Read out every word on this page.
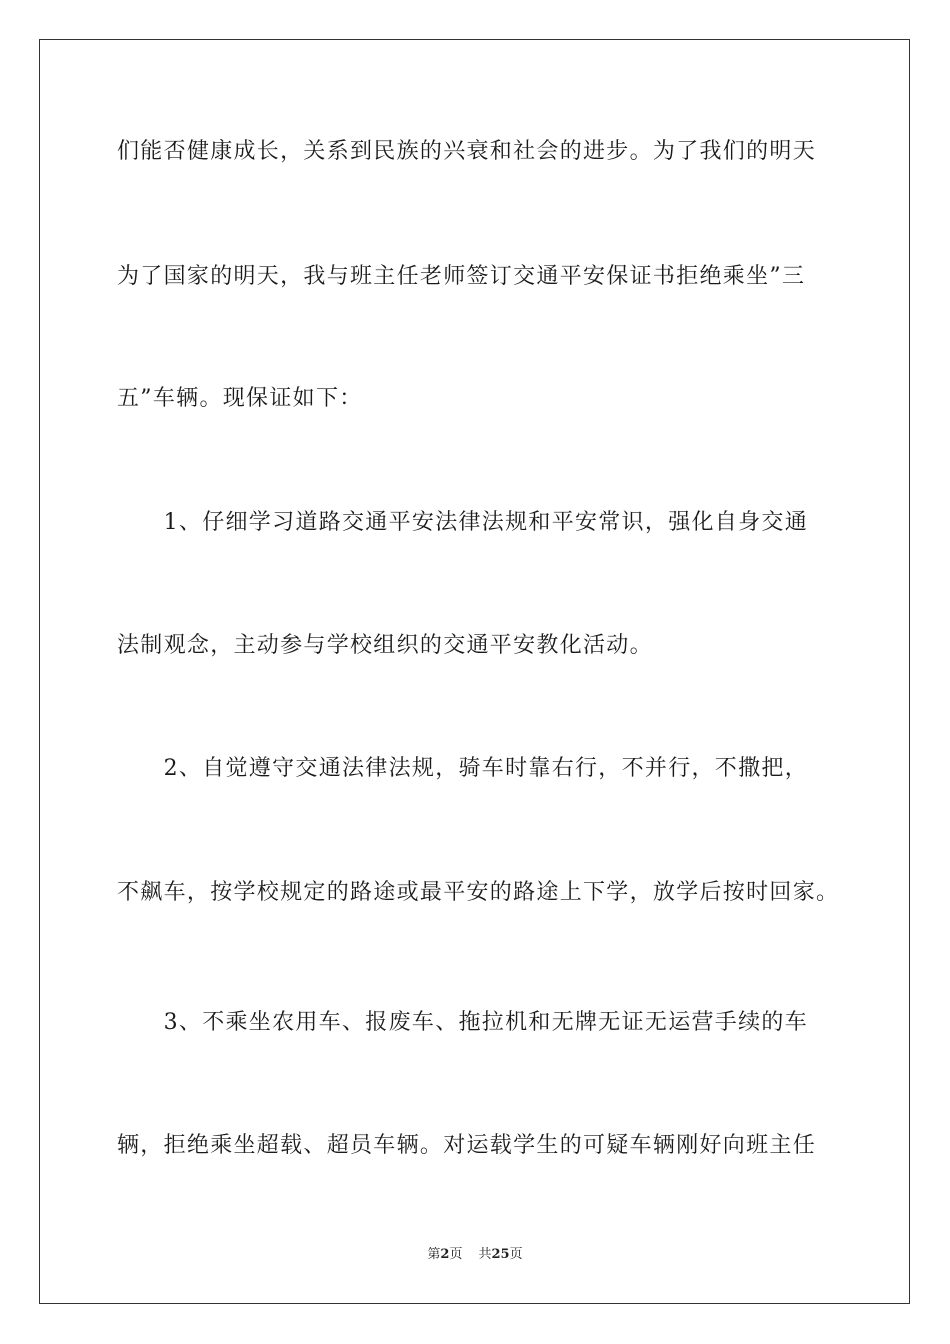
们能否健康成长，关系到民族的兴衰和社会的进步。为了我们的明天
为了国家的明天，我与班主任老师签订交通平安保证书拒绝乘坐”三
五”车辆。现保证如下：
　　1、仔细学习道路交通平安法律法规和平安常识，强化自身交通
法制观念，主动参与学校组织的交通平安教化活动。
　　2、自觉遵守交通法律法规，骑车时靠右行，不并行，不撒把，
不飙车，按学校规定的路途或最平安的路途上下学，放学后按时回家。
　　3、不乘坐农用车、报废车、拖拉机和无牌无证无运营手续的车
辆，拒绝乘坐超载、超员车辆。对运载学生的可疑车辆刚好向班主任
第2页 共25页
